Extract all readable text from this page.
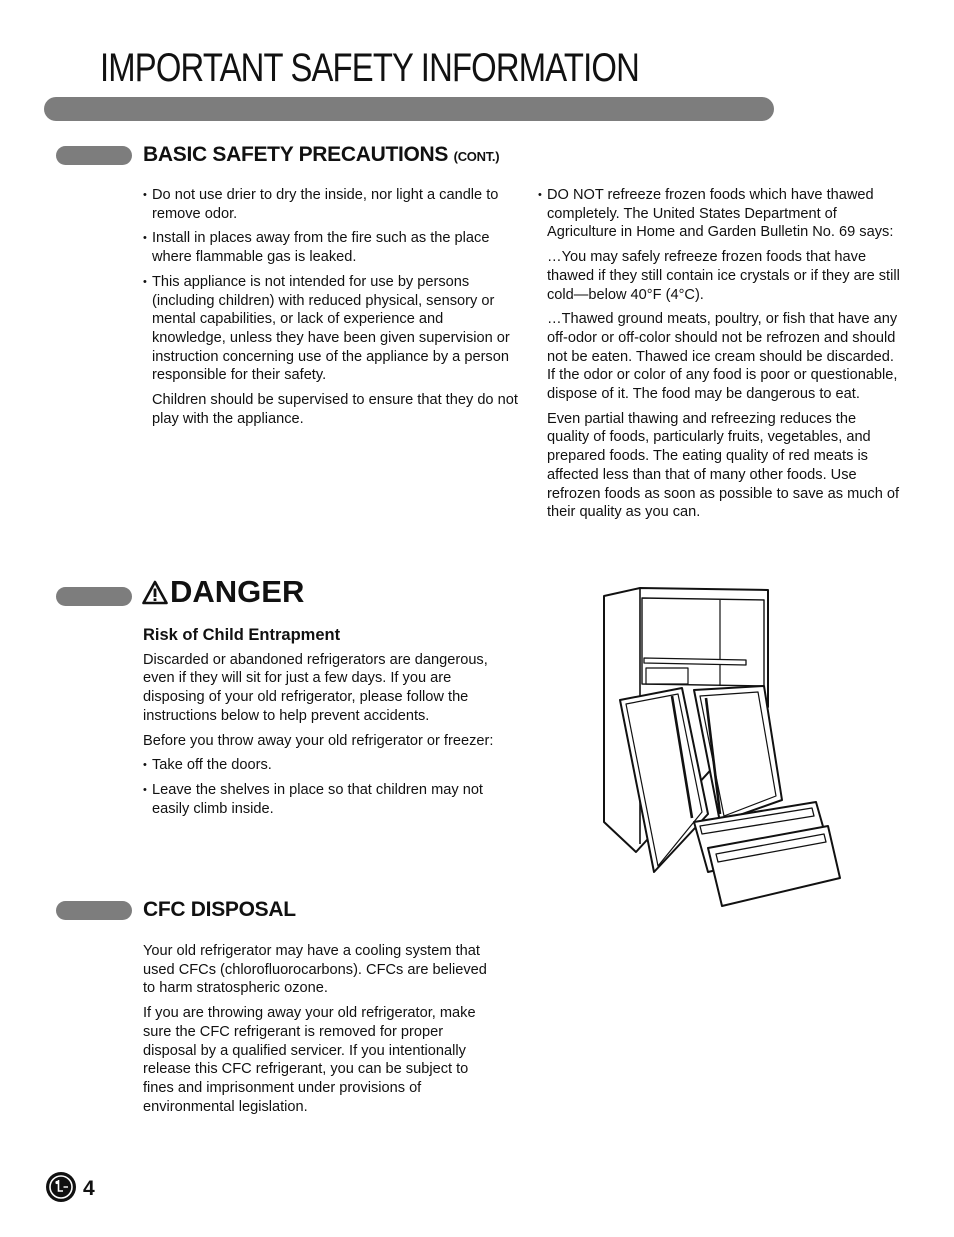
IMPORTANT SAFETY INFORMATION
BASIC SAFETY PRECAUTIONS (CONT.)
• Do not use drier to dry the inside, nor light a candle to remove odor.
• Install in places away from the fire such as the place where flammable gas is leaked.
• This appliance is not intended for use by persons (including children) with reduced physical, sensory or mental capabilities, or lack of experience and knowledge, unless they have been given supervision or instruction concerning use of the appliance by a person responsible for their safety.

Children should be supervised to ensure that they do not play with the appliance.

• DO NOT refreeze frozen foods which have thawed completely. The United States Department of Agriculture in Home and Garden Bulletin No. 69 says:

…You may safely refreeze frozen foods that have thawed if they still contain ice crystals or if they are still cold—below 40°F (4°C).

…Thawed ground meats, poultry, or fish that have any off-odor or off-color should not be refrozen and should not be eaten. Thawed ice cream should be discarded. If the odor or color of any food is poor or questionable, dispose of it. The food may be dangerous to eat.

Even partial thawing and refreezing reduces the quality of foods, particularly fruits, vegetables, and prepared foods. The eating quality of red meats is affected less than that of many other foods. Use refrozen foods as soon as possible to save as much of their quality as you can.

DANGER
Risk of Child Entrapment

Discarded or abandoned refrigerators are dangerous, even if they will sit for just a few days. If you are disposing of your old refrigerator, please follow the instructions below to help prevent accidents.

Before you throw away your old refrigerator or freezer:

• Take off the doors.
• Leave the shelves in place so that children may not easily climb inside.
CFC DISPOSAL

Your old refrigerator may have a cooling system that used CFCs (chlorofluorocarbons). CFCs are believed to harm stratospheric ozone.

If you are throwing away your old refrigerator, make sure the CFC refrigerant is removed for proper disposal by a qualified servicer. If you intentionally release this CFC refrigerant, you can be subject to fines and imprisonment under provisions of environmental legislation.

4
